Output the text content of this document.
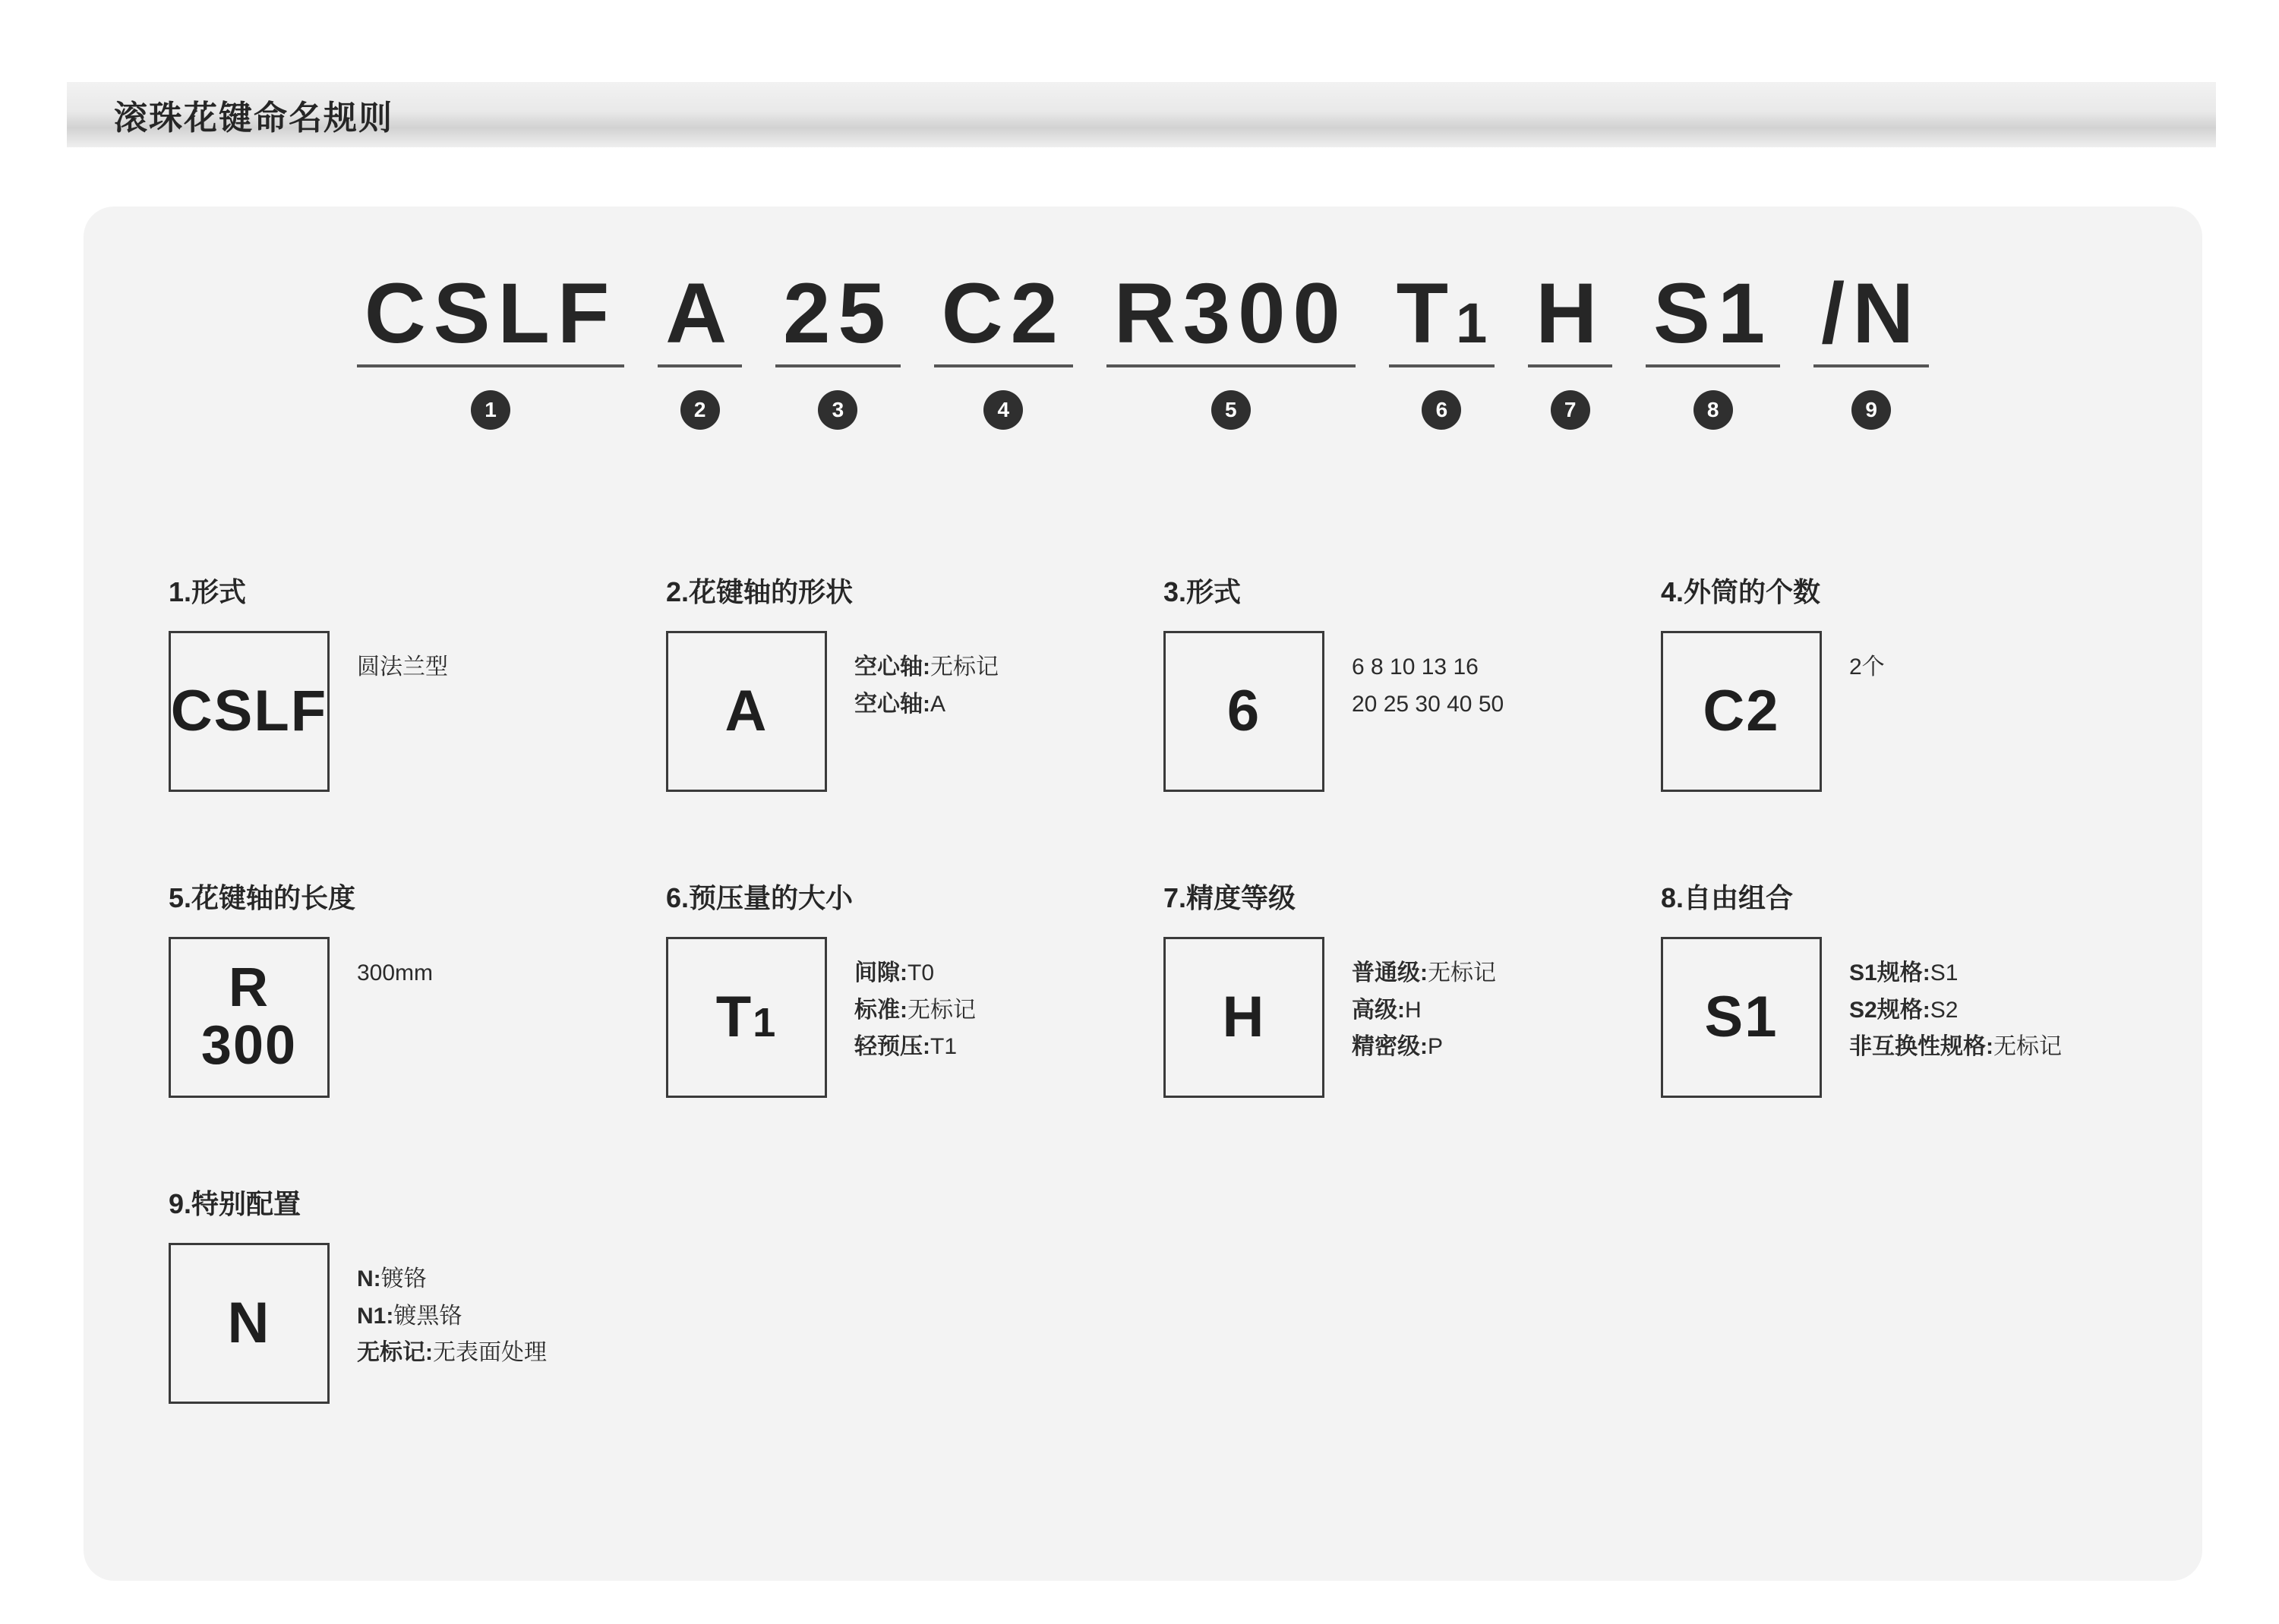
滚珠花键命名规则
CSLF
1
A
2
25
3
C2
4
R300
5
T1
6
H
7
S1
8
/N
9
1.形式
CSLF
圆法兰型
2.花键轴的形状
A
空心轴:无标记
空心轴:A
3.形式
6
6 8 10 13 16
20 25 30 40 50
4.外筒的个数
C2
2个
5.花键轴的长度
R
300
300mm
6.预压量的大小
T1
间隙:T0
标准:无标记
轻预压:T1
7.精度等级
H
普通级:无标记
高级:H
精密级:P
8.自由组合
S1
S1规格:S1
S2规格:S2
非互换性规格:无标记
9.特别配置
N
N:镀铬
N1:镀黑铬
无标记:无表面处理
